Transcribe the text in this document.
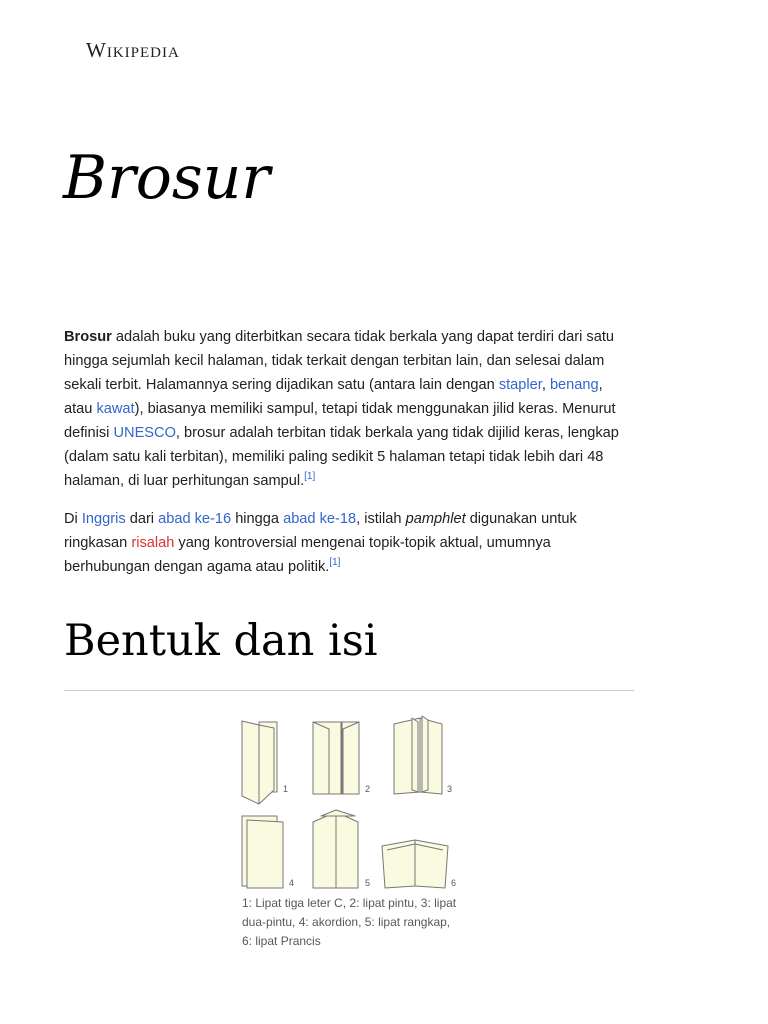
Wikipedia
Brosur

Brosur adalah buku yang diterbitkan secara tidak berkala yang dapat terdiri dari satu hingga sejumlah kecil halaman, tidak terkait dengan terbitan lain, dan selesai dalam sekali terbit. Halamannya sering dijadikan satu (antara lain dengan stapler, benang, atau kawat), biasanya memiliki sampul, tetapi tidak menggunakan jilid keras. Menurut definisi UNESCO, brosur adalah terbitan tidak berkala yang tidak dijilid keras, lengkap (dalam satu kali terbitan), memiliki paling sedikit 5 halaman tetapi tidak lebih dari 48 halaman, di luar perhitungan sampul.[1]

Di Inggris dari abad ke-16 hingga abad ke-18, istilah pamphlet digunakan untuk ringkasan risalah yang kontroversial mengenai topik-topik aktual, umumnya berhubungan dengan agama atau politik.[1]

Bentuk dan isi
1	2	3
4	5	6
1: Lipat tiga leter C, 2: lipat pintu, 3: lipat dua-pintu, 4: akordion, 5: lipat rangkap, 6: lipat Prancis
